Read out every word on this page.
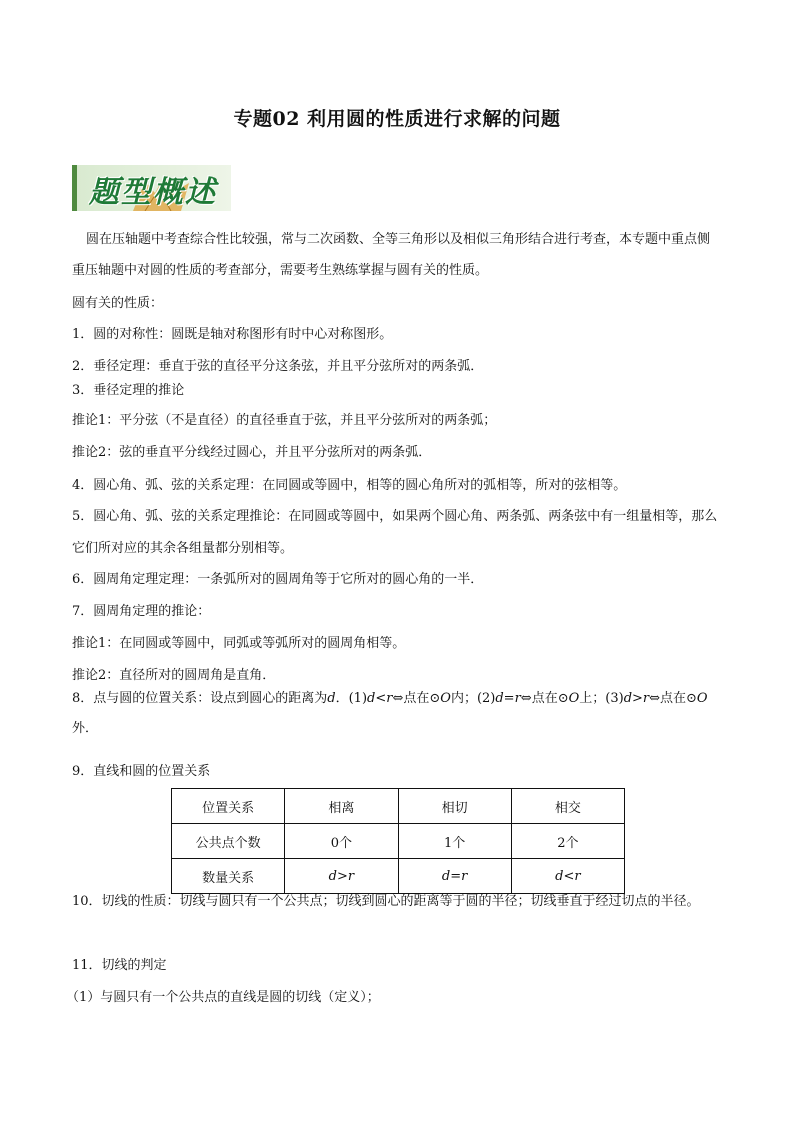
专题02 利用圆的性质进行求解的问题
题型概述

圆在压轴题中考查综合性比较强，常与二次函数、全等三角形以及相似三角形结合进行考查，本专题中重点侧重压轴题中对圆的性质的考查部分，需要考生熟练掌握与圆有关的性质。

圆有关的性质：

1．圆的对称性：圆既是轴对称图形有时中心对称图形。

2．垂径定理：垂直于弦的直径平分这条弦，并且平分弦所对的两条弧．

3．垂径定理的推论

推论1：平分弦（不是直径）的直径垂直于弦，并且平分弦所对的两条弧；

推论2：弦的垂直平分线经过圆心，并且平分弦所对的两条弧．

4．圆心角、弧、弦的关系定理：在同圆或等圆中，相等的圆心角所对的弧相等，所对的弦相等。

5．圆心角、弧、弦的关系定理推论：在同圆或等圆中，如果两个圆心角、两条弧、两条弦中有一组量相等，那么它们所对应的其余各组量都分别相等。

6．圆周角定理定理：一条弧所对的圆周角等于它所对的圆心角的一半．

7．圆周角定理的推论：

推论1：在同圆或等圆中，同弧或等弧所对的圆周角相等。

推论2：直径所对的圆周角是直角．

8．点与圆的位置关系：设点到圆心的距离为d．(1)d<r⇔点在⊙O内；(2)d=r⇔点在⊙O上；(3)d>r⇔点在⊙O外．

9．直线和圆的位置关系

位置关系	相离	相切	相交
公共点个数	0个	1个	2个
数量关系	d>r	d=r	d<r

10．切线的性质：切线与圆只有一个公共点；切线到圆心的距离等于圆的半径；切线垂直于经过切点的半径。

11．切线的判定

（1）与圆只有一个公共点的直线是圆的切线（定义）；
